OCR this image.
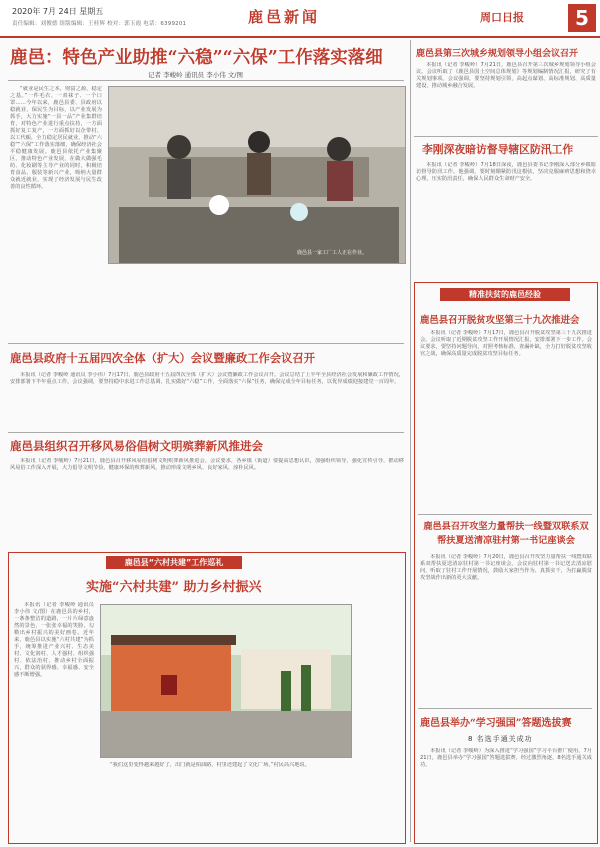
2020年 7月 24日 星期五
责任编辑：刘俊德 组版编辑：王桂辉 校对：郭玉霞 电话：6399201	鹿邑新闻	周口日报	5
鹿邑：特色产业助推“六稳”“六保”工作落实落细
记者 李峻岭 通讯员 李小伟 文/图
“就业是民生之本，财富之源，稳定之基。”一件毛衣、一双袜子、一个口罩……今年以来，鹿邑县委、县政府以稳就业、保民生为目标，以产业发展为抓手，大力实施“一县一品”产业集群培育，对特色产业进行重点扶持，一方面抓好复工复产，一方面抓好以企带村、以工代赈，全力稳定居民就业，推动“六稳”“六保”工作落实落细，确保经济社会平稳健康发展。鹿邑县依托产业集聚区，推动特色产业发展，在做大做强毛纺、化妆刷等主导产业的同时，积极培育食品、服装等新兴产业，吸纳大量群众就近就业，实现了经济发展与民生改善的良性循环。
鹿邑县一家工厂工人正在作业。
鹿邑县政府十五届四次全体（扩大）会议暨廉政工作会议召开
本报讯（记者 李峻岭 通讯员 李小伟）7月17日，鹿邑县政府十五届四次全体（扩大）会议暨廉政工作会议召开。会议总结了上半年全县经济社会发展和廉政工作情况，安排部署下半年重点工作。会议强调，要坚持稳中求进工作总基调，扎实做好“六稳”工作，全面落实“六保”任务，确保完成全年目标任务，以优异成绩迎接建党一百周年。
鹿邑县组织召开移风易俗倡树文明殡葬新风推进会
本报讯（记者 李峻岭）7月21日，鹿邑县召开移风易俗倡树文明殡葬新风推进会。会议要求，各乡镇（街道）要提高思想认识，加强组织领导，强化宣传引导，推动移风易俗工作深入开展，大力倡导文明节俭、健康环保的殡葬新风，推动形成文明乡风、良好家风、淳朴民风。
鹿邑县“六村共建”工作巡礼
实施“六村共建” 助力乡村振兴
本报讯（记者 李峻岭 通讯员 李小伟 文/图）在鹿邑县的乡村，一条条整洁的道路，一片片绿意盎然的景色，一张张幸福的笑脸，勾勒出乡村振兴的美好画卷。近年来，鹿邑县以实施“六村共建”为抓手，统筹推进产业兴村、生态美村、文化润村、人才强村、组织强村、依法治村，推动乡村全面振兴，群众的获得感、幸福感、安全感不断增强。
“我们这里变得越来越好了，出门就是柏油路，村里还建起了文化广场。”村民高兴地说。
鹿邑县第三次城乡规划领导小组会议召开
本报讯（记者 李峻岭）7月21日，鹿邑县召开第三次城乡规划领导小组会议。会议听取了《鹿邑县国土空间总体规划》等规划编制情况汇报，研究了有关规划事项。会议强调，要坚持规划引领，高起点谋划、高标准规划、高质量建设，推动城乡融合发展。
李刚深夜暗访督导辖区防汛工作
本报讯（记者 李峻岭）7月18日深夜，鹿邑县委书记李刚深入部分乡镇暗访督导防汛工作。他强调，要时刻绷紧防汛这根弦，坚决克服麻痹思想和侥幸心理，压实防汛责任，确保人民群众生命财产安全。
精准扶贫的鹿邑经验
鹿邑县召开脱贫攻坚第三十九次推进会
本报讯（记者 李峻岭）7月17日，鹿邑县召开脱贫攻坚第三十九次推进会。会议听取了近期脱贫攻坚工作开展情况汇报，安排部署下一步工作。会议要求，要坚持问题导向，对照考核标准，查漏补缺，全力打好脱贫攻坚收官之战，确保高质量完成脱贫攻坚目标任务。
鹿邑县召开攻坚力量帮扶一线暨双联系双帮扶夏送清凉驻村第一书记座谈会
本报讯（记者 李峻岭）7月20日，鹿邑县召开攻坚力量帮扶一线暨双联系双帮扶夏送清凉驻村第一书记座谈会。会议向驻村第一书记送去清凉慰问，听取了驻村工作开展情况，鼓励大家担当作为、真抓实干，为打赢脱贫攻坚战作出新的更大贡献。
鹿邑县举办“学习强国”答题选拔赛
8 名选手通关成功
本报讯（记者 李峻岭）为深入推进“学习强国”学习平台推广使用，7月21日，鹿邑县举办“学习强国”答题选拔赛，经过激烈角逐，8名选手通关成功。
